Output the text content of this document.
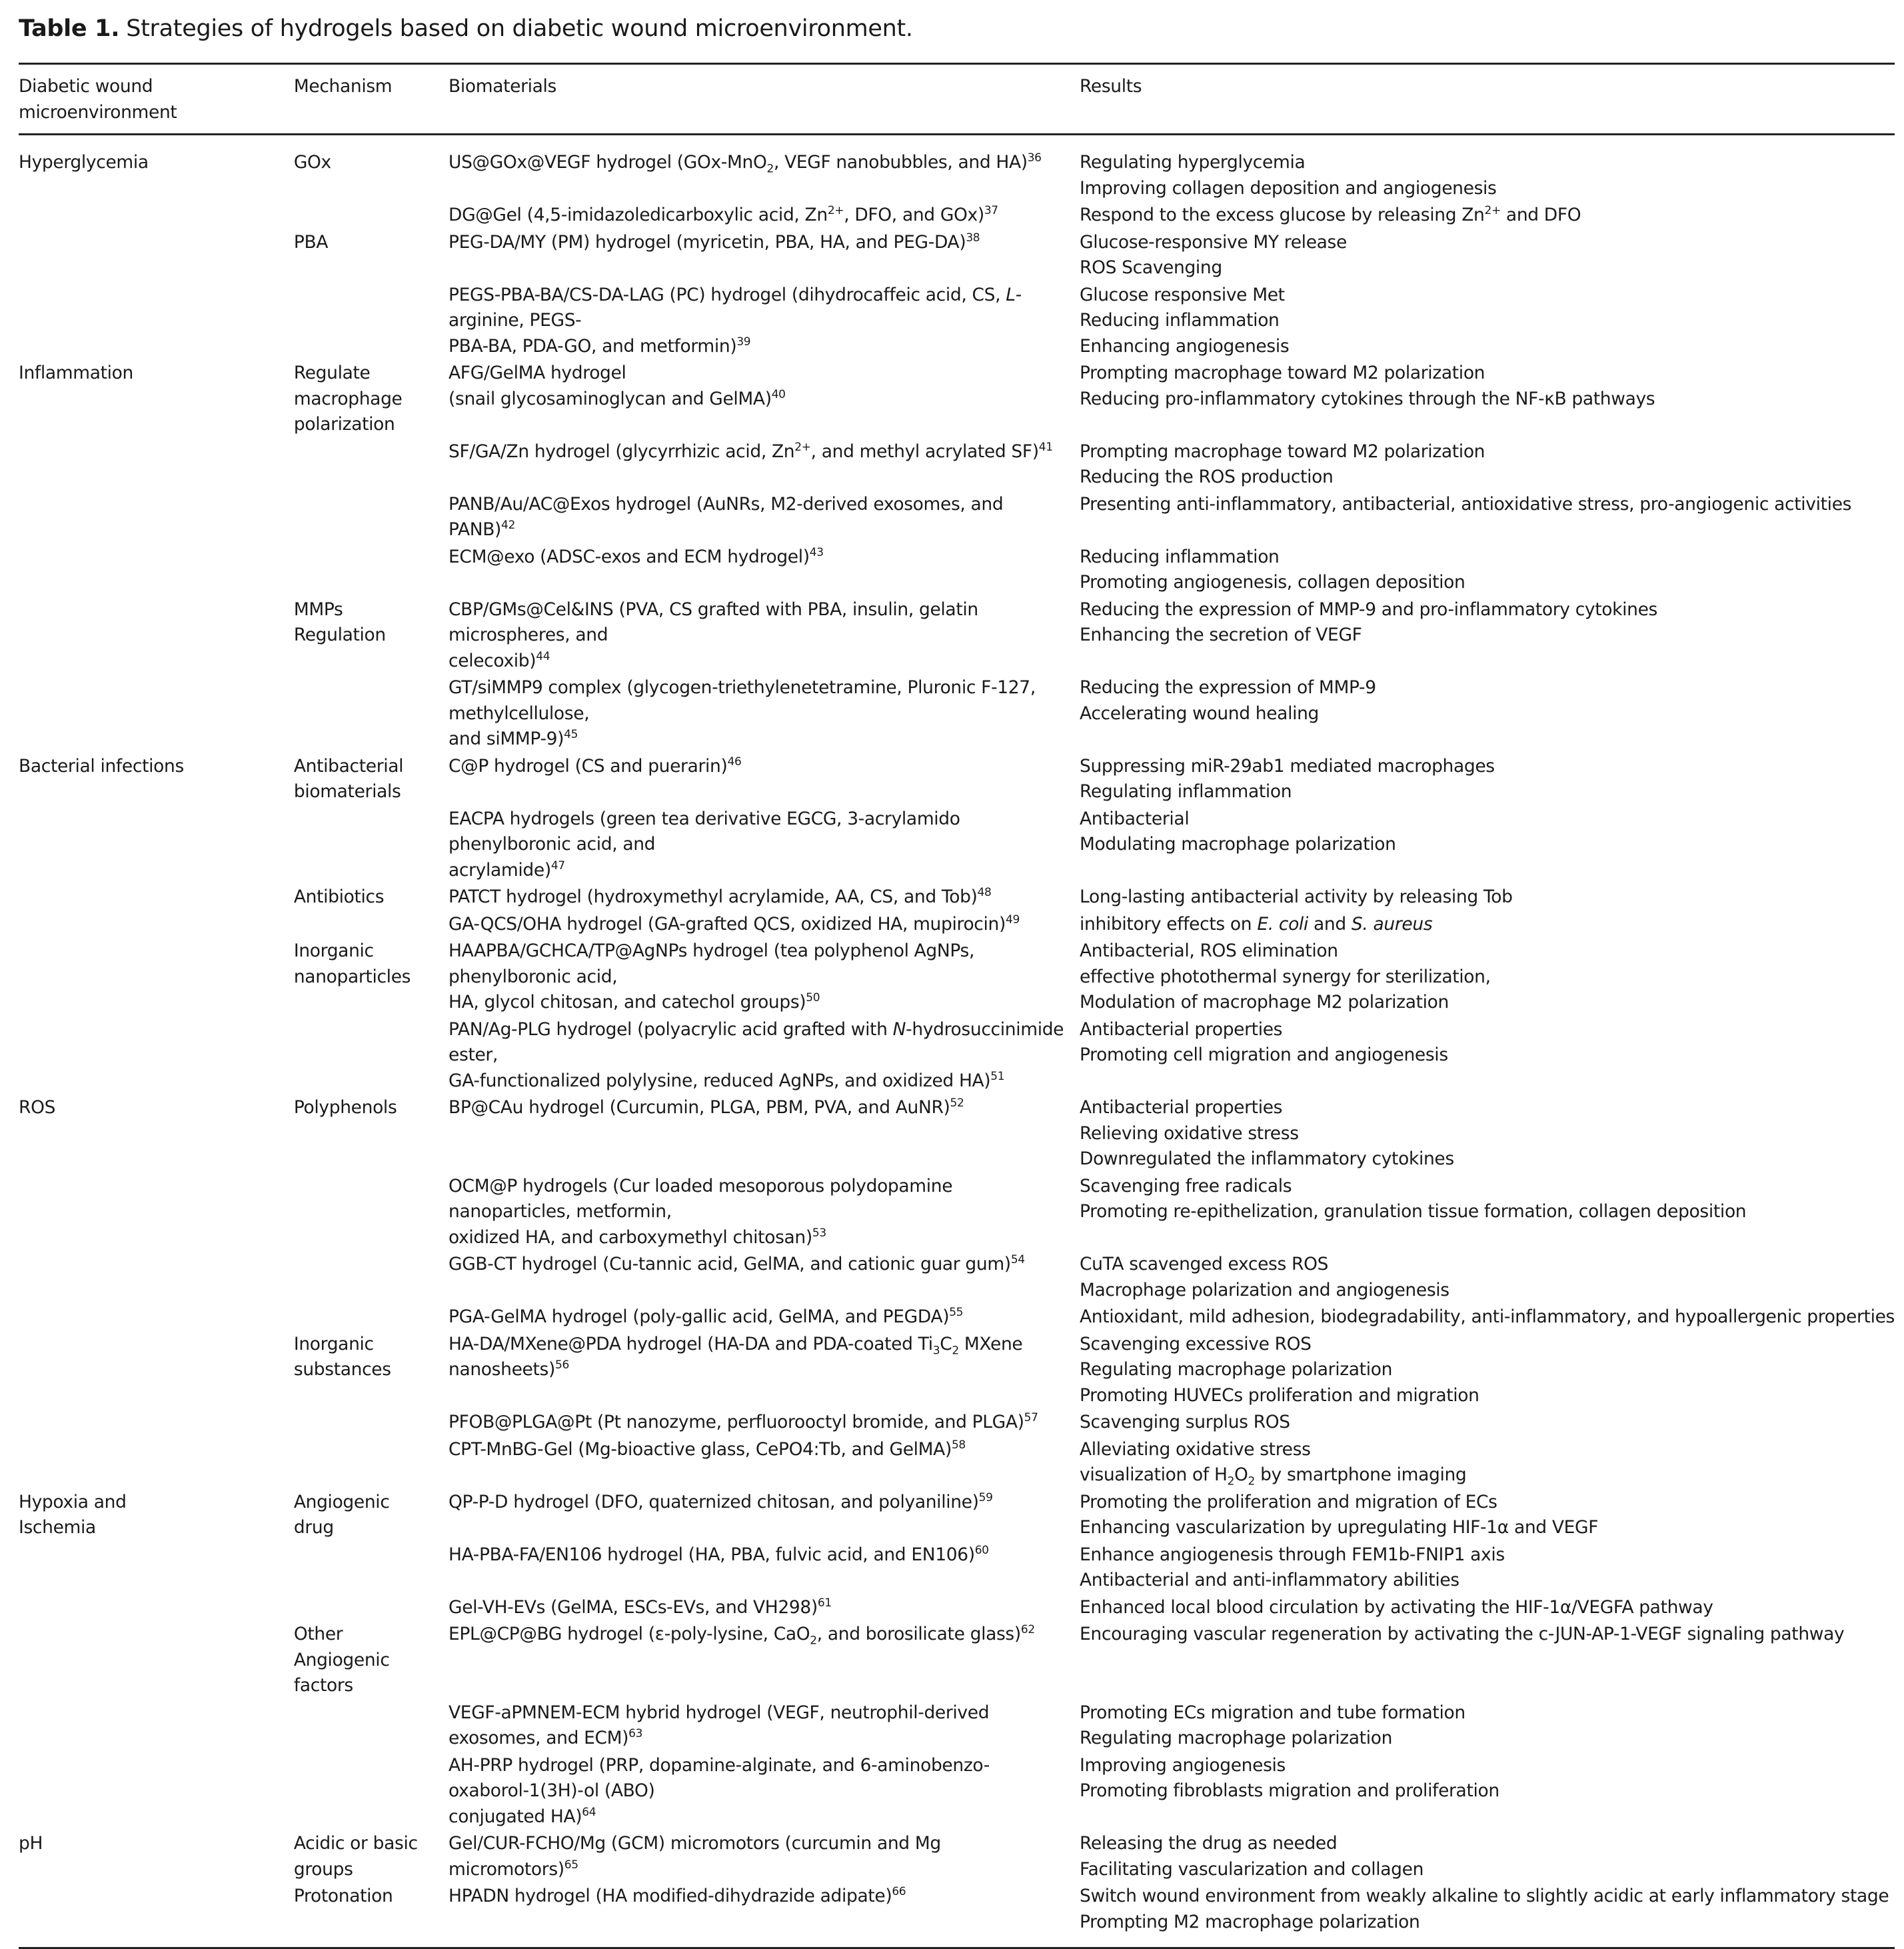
Table 1. Strategies of hydrogels based on diabetic wound microenvironment.
Diabetic wound microenvironment	Mechanism	Biomaterials	Results
Hyperglycemia	GOx	US@GOx@VEGF hydrogel (GOx-MnO$_2$, VEGF nanobubbles, and HA)$^{36}$	Regulating hyperglycemia
Improving collagen deposition and angiogenesis

		DG@Gel (4,5-imidazoledicarboxylic acid, $Zn^{2+}$, DFO, and GOx)$^{37}$	Respond to the excess glucose by releasing $Zn^{2+}$ and DFO

	PBA	PEG-DA/MY (PM) hydrogel (myricetin, PBA, HA, and PEG-DA)$^{38}$	Glucose-responsive MY release
ROS Scavenging

		PEGS-PBA-BA/CS-DA-LAG (PC) hydrogel (dihydrocaffeic acid, CS, L-arginine, PEGS-
PBA-BA, PDA-GO, and metformin)$^{39}$	Glucose responsive Met
Reducing inflammation
Enhancing angiogenesis

Inflammation	Regulate
macrophage
polarization	AFG/GelMA hydrogel
(snail glycosaminoglycan and GelMA)$^{40}$	Prompting macrophage toward M2 polarization
Reducing pro-inflammatory cytokines through the NF-κB pathways

		SF/GA/Zn hydrogel (glycyrrhizic acid, $Zn^{2+}$, and methyl acrylated SF)$^{41}$	Prompting macrophage toward M2 polarization
Reducing the ROS production

		PANB/Au/AC@Exos hydrogel (AuNRs, M2-derived exosomes, and PANB)$^{42}$	Presenting anti-inflammatory, antibacterial, antioxidative stress, pro-angiogenic activities

		ECM@exo (ADSC-exos and ECM hydrogel)$^{43}$	Reducing inflammation
Promoting angiogenesis, collagen deposition

	MMPs
Regulation	CBP/GMs@Cel&INS (PVA, CS grafted with PBA, insulin, gelatin microspheres, and
celecoxib)$^{44}$	Reducing the expression of MMP-9 and pro-inflammatory cytokines
Enhancing the secretion of VEGF

		GT/siMMP9 complex (glycogen-triethylenetetramine, Pluronic F-127, methylcellulose,
and siMMP-9)$^{45}$	Reducing the expression of MMP-9
Accelerating wound healing

Bacterial infections	Antibacterial
biomaterials	C@P hydrogel (CS and puerarin)$^{46}$	Suppressing miR-29ab1 mediated macrophages
Regulating inflammation

		EACPA hydrogels (green tea derivative EGCG, 3-acrylamido phenylboronic acid, and
acrylamide)$^{47}$	Antibacterial
Modulating macrophage polarization

	Antibiotics	PATCT hydrogel (hydroxymethyl acrylamide, AA, CS, and Tob)$^{48}$	Long-lasting antibacterial activity by releasing Tob

		GA-QCS/OHA hydrogel (GA-grafted QCS, oxidized HA, mupirocin)$^{49}$	inhibitory effects on E. coli and S. aureus

	Inorganic
nanoparticles	HAAPBA/GCHCA/TP@AgNPs hydrogel (tea polyphenol AgNPs, phenylboronic acid,
HA, glycol chitosan, and catechol groups)$^{50}$	Antibacterial, ROS elimination
effective photothermal synergy for sterilization,
Modulation of macrophage M2 polarization

		PAN/Ag-PLG hydrogel (polyacrylic acid grafted with N-hydrosuccinimide ester,
GA-functionalized polylysine, reduced AgNPs, and oxidized HA)$^{51}$	Antibacterial properties
Promoting cell migration and angiogenesis

ROS	Polyphenols	BP@CAu hydrogel (Curcumin, PLGA, PBM, PVA, and AuNR)$^{52}$	Antibacterial properties
Relieving oxidative stress
Downregulated the inflammatory cytokines

		OCM@P hydrogels (Cur loaded mesoporous polydopamine nanoparticles, metformin,
oxidized HA, and carboxymethyl chitosan)$^{53}$	Scavenging free radicals
Promoting re-epithelization, granulation tissue formation, collagen deposition

		GGB-CT hydrogel (Cu-tannic acid, GelMA, and cationic guar gum)$^{54}$	CuTA scavenged excess ROS
Macrophage polarization and angiogenesis

		PGA-GelMA hydrogel (poly-gallic acid, GelMA, and PEGDA)$^{55}$	Antioxidant, mild adhesion, biodegradability, anti-inflammatory, and hypoallergenic properties

	Inorganic
substances	HA-DA/MXene@PDA hydrogel (HA-DA and PDA-coated $Ti_3C_2$ MXene nanosheets)$^{56}$	Scavenging excessive ROS
Regulating macrophage polarization
Promoting HUVECs proliferation and migration

		PFOB@PLGA@Pt (Pt nanozyme, perfluorooctyl bromide, and PLGA)$^{57}$	Scavenging surplus ROS

		CPT-MnBG-Gel (Mg-bioactive glass, CePO4:Tb, and GelMA)$^{58}$	Alleviating oxidative stress
visualization of $H_2O_2$ by smartphone imaging

Hypoxia and
Ischemia	Angiogenic
drug	QP-P-D hydrogel (DFO, quaternized chitosan, and polyaniline)$^{59}$	Promoting the proliferation and migration of ECs
Enhancing vascularization by upregulating HIF-1α and VEGF

		HA-PBA-FA/EN106 hydrogel (HA, PBA, fulvic acid, and EN106)$^{60}$	Enhance angiogenesis through FEM1b-FNIP1 axis
Antibacterial and anti-inflammatory abilities

		Gel-VH-EVs (GelMA, ESCs-EVs, and VH298)$^{61}$	Enhanced local blood circulation by activating the HIF-1α/VEGFA pathway

	Other
Angiogenic
factors	EPL@CP@BG hydrogel (ε-poly-lysine, CaO$_2$, and borosilicate glass)$^{62}$	Encouraging vascular regeneration by activating the c-JUN-AP-1-VEGF signaling pathway

		VEGF-aPMNEM-ECM hybrid hydrogel (VEGF, neutrophil-derived exosomes, and ECM)$^{63}$	Promoting ECs migration and tube formation
Regulating macrophage polarization

		AH-PRP hydrogel (PRP, dopamine-alginate, and 6-aminobenzo-oxaborol-1(3H)-ol (ABO)
conjugated HA)$^{64}$	Improving angiogenesis
Promoting fibroblasts migration and proliferation

pH	Acidic or basic
groups	Gel/CUR-FCHO/Mg (GCM) micromotors (curcumin and Mg micromotors)$^{65}$	Releasing the drug as needed
Facilitating vascularization and collagen

	Protonation	HPADN hydrogel (HA modified-dihydrazide adipate)$^{66}$	Switch wound environment from weakly alkaline to slightly acidic at early inflammatory stage
Prompting M2 macrophage polarization
